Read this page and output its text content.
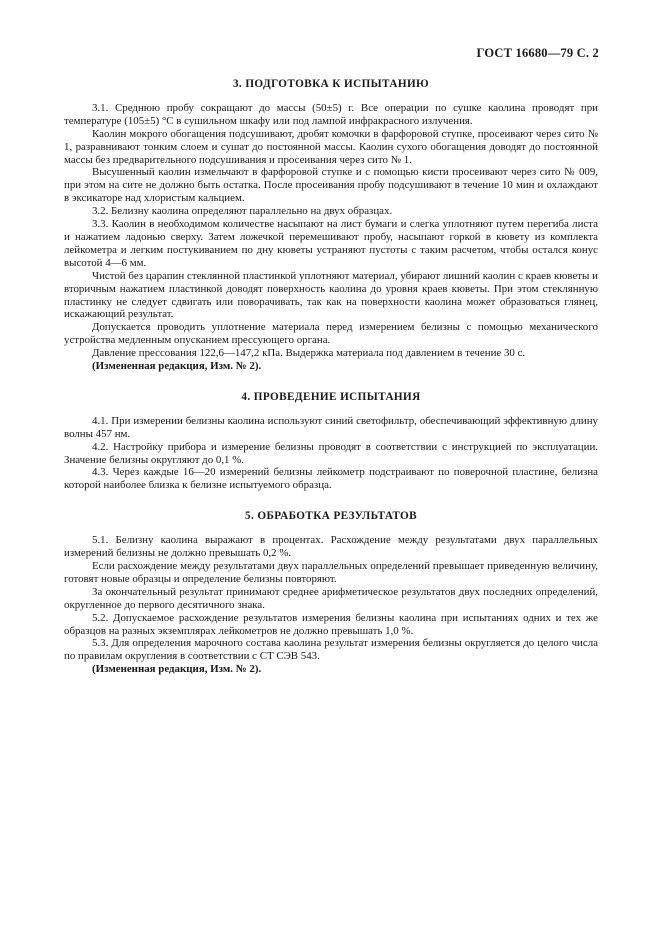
ГОСТ 16680—79 С. 2
3. ПОДГОТОВКА К ИСПЫТАНИЮ

3.1. Среднюю пробу сокращают до массы (50±5) г. Все операции по сушке каолина проводят при температуре (105±5) °С в сушильном шкафу или под лампой инфракрасного излучения.

Каолин мокрого обогащения подсушивают, дробят комочки в фарфоровой ступке, просеивают через сито № 1, разравнивают тонким слоем и сушат до постоянной массы. Каолин сухого обогащения доводят до постоянной массы без предварительного подсушивания и просеивания через сито № 1.

Высушенный каолин измельчают в фарфоровой ступке и с помощью кисти просеивают через сито № 009, при этом на сите не должно быть остатка. После просеивания пробу подсушивают в течение 10 мин и охлаждают в эксикаторе над хлористым кальцием.

3.2. Белизну каолина определяют параллельно на двух образцах.

3.3. Каолин в необходимом количестве насыпают на лист бумаги и слегка уплотняют путем перегиба листа и нажатием ладонью сверху. Затем ложечкой перемешивают пробу, насыпают горкой в кювету из комплекта лейкометра и легким постукиванием по дну кюветы устраняют пустоты с таким расчетом, чтобы остался конус высотой 4—6 мм.

Чистой без царапин стеклянной пластинкой уплотняют материал, убирают лишний каолин с краев кюветы и вторичным нажатием пластинкой доводят поверхность каолина до уровня краев кюветы. При этом стеклянную пластинку не следует сдвигать или поворачивать, так как на поверхности каолина может образоваться глянец, искажающий результат.

Допускается проводить уплотнение материала перед измерением белизны с помощью механического устройства медленным опусканием прессующего органа.

Давление прессования 122,6—147,2 кПа. Выдержка материала под давлением в течение 30 с.

(Измененная редакция, Изм. № 2).

4. ПРОВЕДЕНИЕ ИСПЫТАНИЯ

4.1. При измерении белизны каолина используют синий светофильтр, обеспечивающий эффективную длину волны 457 нм.

4.2. Настройку прибора и измерение белизны проводят в соответствии с инструкцией по эксплуатации. Значение белизны округляют до 0,1 %.

4.3. Через каждые 16—20 измерений белизны лейкометр подстраивают по поверочной пластине, белизна которой наиболее близка к белизне испытуемого образца.

5. ОБРАБОТКА РЕЗУЛЬТАТОВ

5.1. Белизну каолина выражают в процентах. Расхождение между результатами двух параллельных измерений белизны не должно превышать 0,2 %.

Если расхождение между результатами двух параллельных определений превышает приведенную величину, готовят новые образцы и определение белизны повторяют.

За окончательный результат принимают среднее арифметическое результатов двух последних определений, округленное до первого десятичного знака.

5.2. Допускаемое расхождение результатов измерения белизны каолина при испытаниях одних и тех же образцов на разных экземплярах лейкометров не должно превышать 1,0 %.

5.3. Для определения марочного состава каолина результат измерения белизны округляется до целого числа по правилам округления в соответствии с СТ СЭВ 543.

(Измененная редакция, Изм. № 2).
